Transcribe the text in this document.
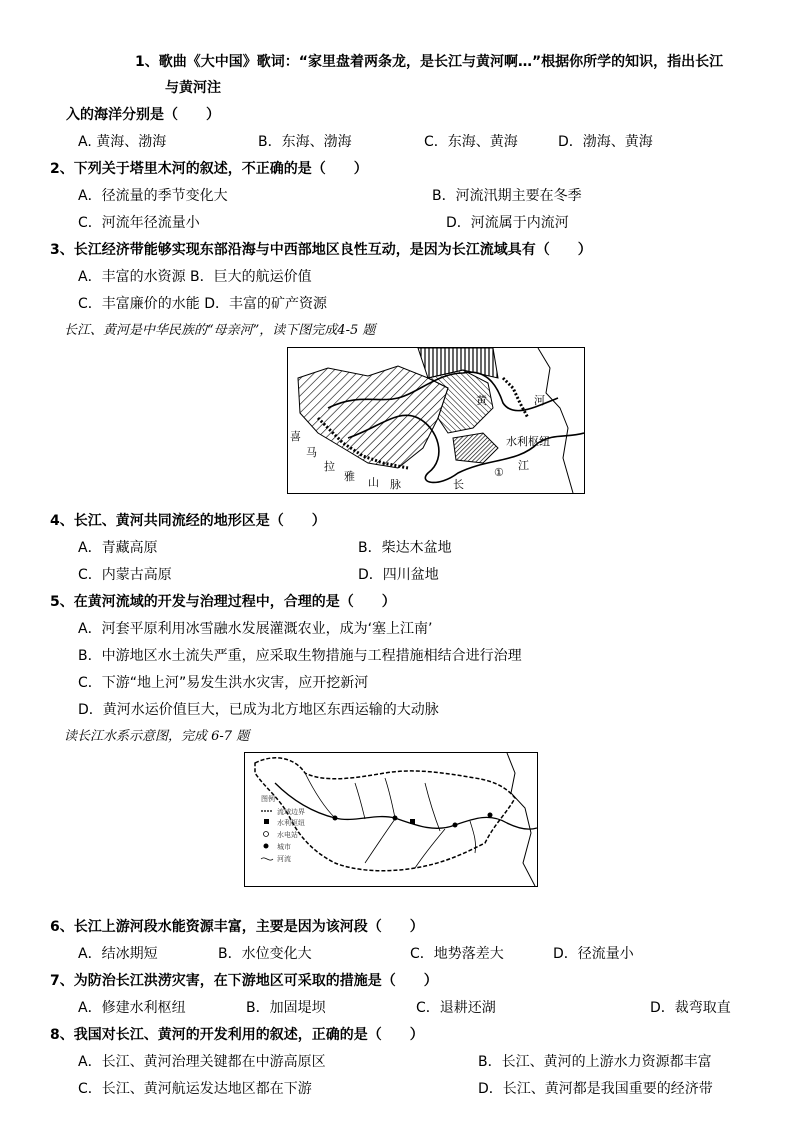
1、歌曲《大中国》歌词：“家里盘着两条龙，是长江与黄河啊…”根据你所学的知识，指出长江
与黄河注
入的海洋分别是（　　）
A. 黄海、渤海	B．东海、渤海	C．东海、黄海	D．渤海、黄海
2、下列关于塔里木河的叙述，不正确的是（　　）
A．径流量的季节变化大	B．河流汛期主要在冬季
C．河流年径流量小	D．河流属于内流河
3、长江经济带能够实现东部沿海与中西部地区良性互动，是因为长江流域具有（　　）
A．丰富的水资源 B．巨大的航运价值
C．丰富廉价的水能 D．丰富的矿产资源
长江、黄河是中华民族的“母亲河”，读下图完成4-5 题
黄	河
水利枢纽
江
①
长
喜
马
拉
雅 山 脉
4、长江、黄河共同流经的地形区是（　　）
A．青藏高原	B．柴达木盆地
C．内蒙古高原	D．四川盆地
5、在黄河流域的开发与治理过程中，合理的是（　　）
A．河套平原利用冰雪融水发展灌溉农业，成为‘塞上江南’
B．中游地区水土流失严重，应采取生物措施与工程措施相结合进行治理
C．下游“地上河”易发生洪水灾害，应开挖新河
D．黄河水运价值巨大，已成为北方地区东西运输的大动脉
读长江水系示意图，完成 6-7 题
图例
流域边界
水利枢纽
水电站
城市
河流
6、长江上游河段水能资源丰富，主要是因为该河段（　　）
A．结冰期短	B．水位变化大	C．地势落差大	D．径流量小
7、为防治长江洪涝灾害，在下游地区可采取的措施是（　　）
A．修建水利枢纽	B．加固堤坝	C．退耕还湖	D．裁弯取直
8、我国对长江、黄河的开发利用的叙述，正确的是（　　）
A．长江、黄河治理关键都在中游高原区	B．长江、黄河的上游水力资源都丰富
C．长江、黄河航运发达地区都在下游	D．长江、黄河都是我国重要的经济带
